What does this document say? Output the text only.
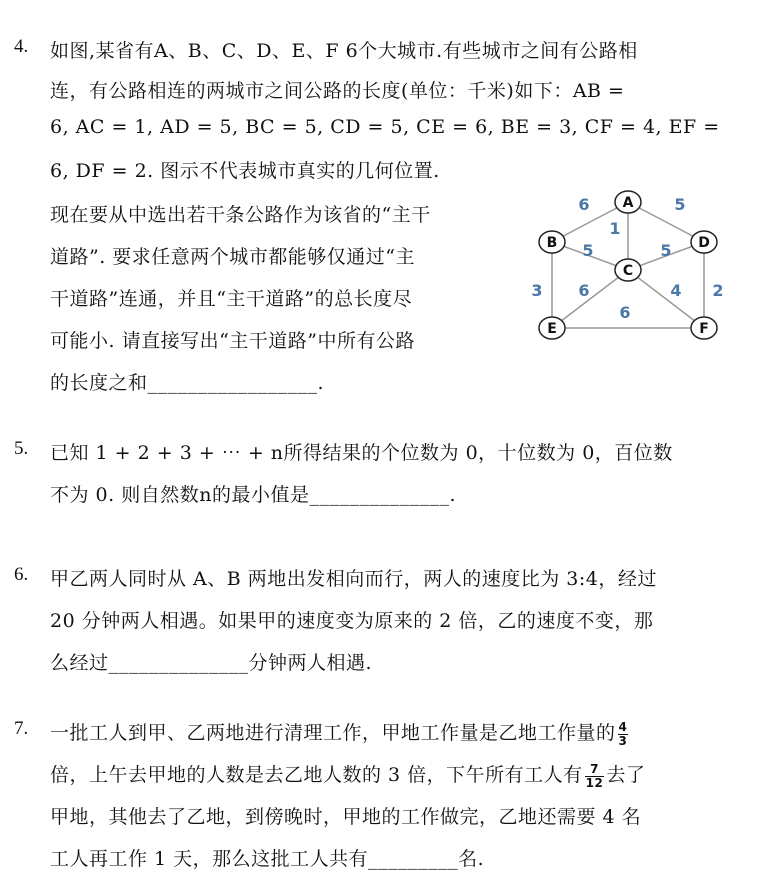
4. 如图,某省有A、B、C、D、E、F 6个大城市.有些城市之间有公路相
连，有公路相连的两城市之间公路的长度(单位：千米)如下：AB =
6, AC = 1, AD = 5, BC = 5, CD = 5, CE = 6, BE = 3, CF = 4, EF =
6, DF = 2. 图示不代表城市真实的几何位置.
现在要从中选出若干条公路作为该省的“主干
道路”. 要求任意两个城市都能够仅通过“主
干道路”连通，并且“主干道路”的总长度尽
可能小. 请直接写出“主干道路”中所有公路
的长度之和_________________.
6
1
5
5	5
6
3	4
6
2
A
B
C
D
E	F
5. 已知 1 + 2 + 3 + ⋯ + n所得结果的个位数为 0，十位数为 0，百位数
不为 0. 则自然数n的最小值是______________.
6. 甲乙两人同时从 A、B 两地出发相向而行，两人的速度比为 3:4，经过
20 分钟两人相遇。如果甲的速度变为原来的 2 倍，乙的速度不变，那
么经过______________分钟两人相遇.
7. 一批工人到甲、乙两地进行清理工作，甲地工作量是乙地工作量的 $\frac{4}{3}$
倍，上午去甲地的人数是去乙地人数的 3 倍，下午所有工人有 $\frac{7}{12}$ 去了
甲地，其他去了乙地，到傍晚时，甲地的工作做完，乙地还需要 4 名
工人再工作 1 天，那么这批工人共有_________名.
